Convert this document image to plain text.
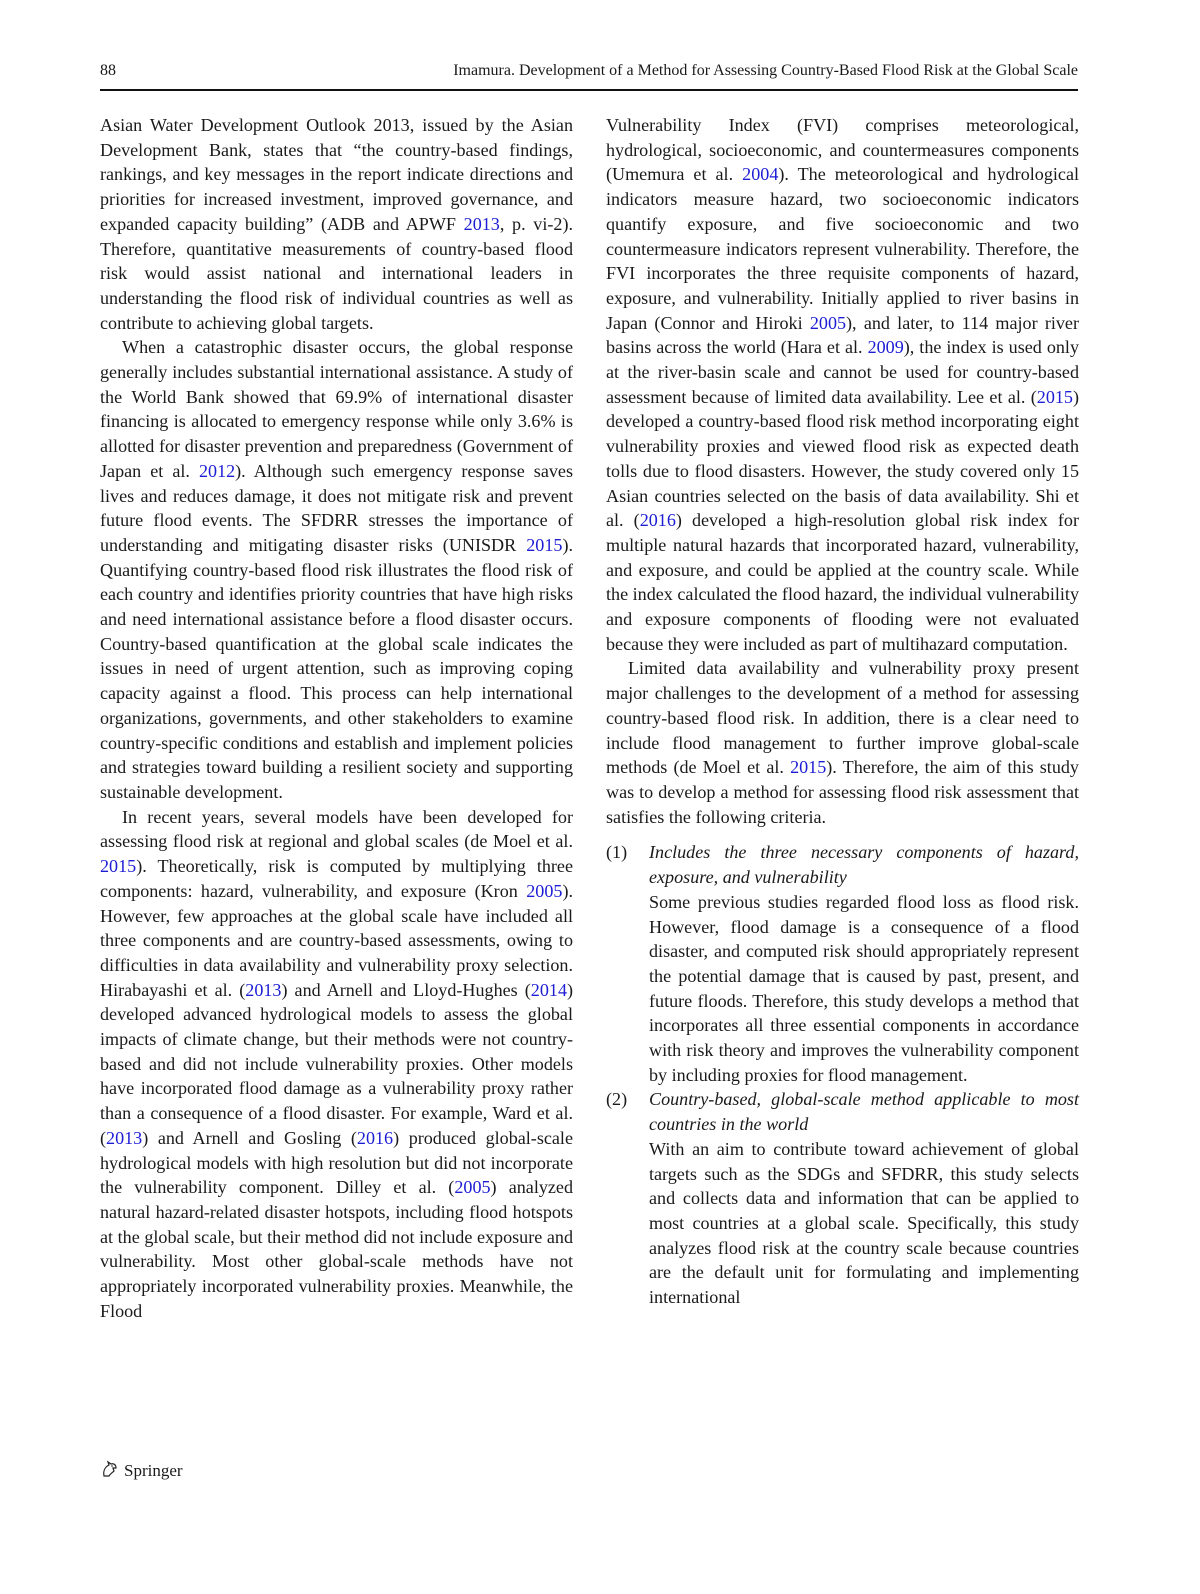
88	Imamura. Development of a Method for Assessing Country-Based Flood Risk at the Global Scale

Asian Water Development Outlook 2013, issued by the Asian Development Bank, states that “the country-based findings, rankings, and key messages in the report indicate directions and priorities for increased investment, improved governance, and expanded capacity building” (ADB and APWF 2013, p. vi-2). Therefore, quantitative measurements of country-based flood risk would assist national and international leaders in understanding the flood risk of individual countries as well as contribute to achieving global targets.

When a catastrophic disaster occurs, the global response generally includes substantial international assistance. A study of the World Bank showed that 69.9% of international disaster financing is allocated to emergency response while only 3.6% is allotted for disaster prevention and preparedness (Government of Japan et al. 2012). Although such emergency response saves lives and reduces damage, it does not mitigate risk and prevent future flood events. The SFDRR stresses the importance of understanding and mitigating disaster risks (UNISDR 2015). Quantifying country-based flood risk illustrates the flood risk of each country and identifies priority countries that have high risks and need international assistance before a flood disaster occurs. Country-based quantification at the global scale indicates the issues in need of urgent attention, such as improving coping capacity against a flood. This process can help international organizations, governments, and other stakeholders to examine country-specific conditions and establish and implement policies and strategies toward building a resilient society and supporting sustainable development.

In recent years, several models have been developed for assessing flood risk at regional and global scales (de Moel et al. 2015). Theoretically, risk is computed by multiplying three components: hazard, vulnerability, and exposure (Kron 2005). However, few approaches at the global scale have included all three components and are country-based assessments, owing to difficulties in data availability and vulnerability proxy selection. Hirabayashi et al. (2013) and Arnell and Lloyd-Hughes (2014) developed advanced hydrological models to assess the global impacts of climate change, but their methods were not country-based and did not include vulnerability proxies. Other models have incorporated flood damage as a vulnerability proxy rather than a consequence of a flood disaster. For example, Ward et al. (2013) and Arnell and Gosling (2016) produced global-scale hydrological models with high resolution but did not incorporate the vulnerability component. Dilley et al. (2005) analyzed natural hazard-related disaster hotspots, including flood hotspots at the global scale, but their method did not include exposure and vulnerability. Most other global-scale methods have not appropriately incorporated vulnerability proxies. Meanwhile, the Flood

Vulnerability Index (FVI) comprises meteorological, hydrological, socioeconomic, and countermeasures components (Umemura et al. 2004). The meteorological and hydrological indicators measure hazard, two socioeconomic indicators quantify exposure, and five socioeconomic and two countermeasure indicators represent vulnerability. Therefore, the FVI incorporates the three requisite components of hazard, exposure, and vulnerability. Initially applied to river basins in Japan (Connor and Hiroki 2005), and later, to 114 major river basins across the world (Hara et al. 2009), the index is used only at the river-basin scale and cannot be used for country-based assessment because of limited data availability. Lee et al. (2015) developed a country-based flood risk method incorporating eight vulnerability proxies and viewed flood risk as expected death tolls due to flood disasters. However, the study covered only 15 Asian countries selected on the basis of data availability. Shi et al. (2016) developed a high-resolution global risk index for multiple natural hazards that incorporated hazard, vulnerability, and exposure, and could be applied at the country scale. While the index calculated the flood hazard, the individual vulnerability and exposure components of flooding were not evaluated because they were included as part of multihazard computation.

Limited data availability and vulnerability proxy present major challenges to the development of a method for assessing country-based flood risk. In addition, there is a clear need to include flood management to further improve global-scale methods (de Moel et al. 2015). Therefore, the aim of this study was to develop a method for assessing flood risk assessment that satisfies the following criteria.

(1) Includes the three necessary components of hazard, exposure, and vulnerability
Some previous studies regarded flood loss as flood risk. However, flood damage is a consequence of a flood disaster, and computed risk should appropriately represent the potential damage that is caused by past, present, and future floods. Therefore, this study develops a method that incorporates all three essential components in accordance with risk theory and improves the vulnerability component by including proxies for flood management.
(2) Country-based, global-scale method applicable to most countries in the world
With an aim to contribute toward achievement of global targets such as the SDGs and SFDRR, this study selects and collects data and information that can be applied to most countries at a global scale. Specifically, this study analyzes flood risk at the country scale because countries are the default unit for formulating and implementing international
Springer
